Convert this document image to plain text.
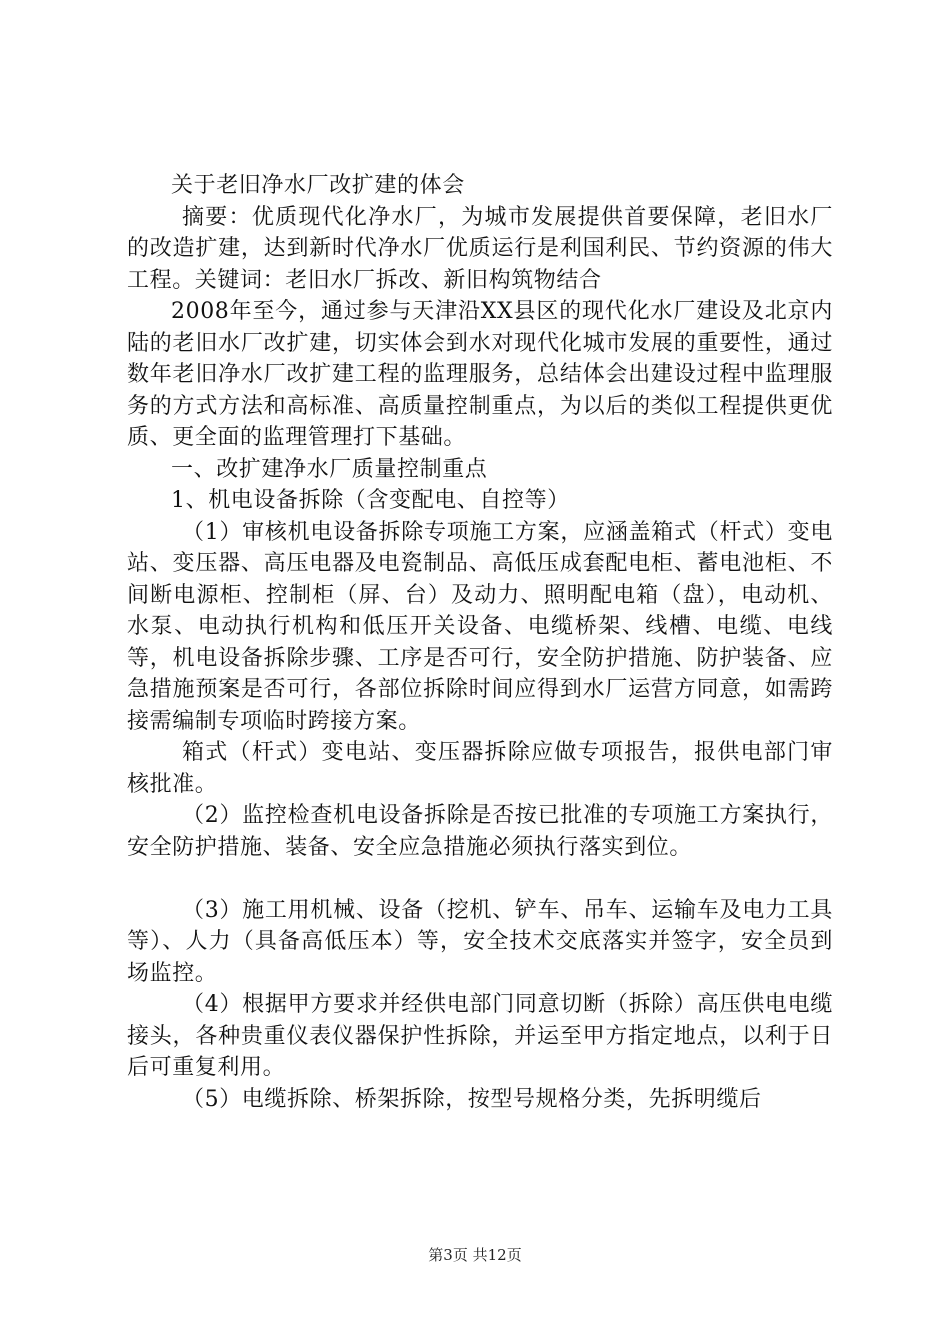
关于老旧净水厂改扩建的体会

摘要：优质现代化净水厂，为城市发展提供首要保障，老旧水厂的改造扩建，达到新时代净水厂优质运行是利国利民、节约资源的伟大工程。关键词：老旧水厂拆改、新旧构筑物结合

2008年至今，通过参与天津沿XX县区的现代化水厂建设及北京内陆的老旧水厂改扩建，切实体会到水对现代化城市发展的重要性，通过数年老旧净水厂改扩建工程的监理服务，总结体会出建设过程中监理服务的方式方法和高标准、高质量控制重点，为以后的类似工程提供更优质、更全面的监理管理打下基础。

一、改扩建净水厂质量控制重点

1、机电设备拆除（含变配电、自控等）

（1）审核机电设备拆除专项施工方案，应涵盖箱式（杆式）变电站、变压器、高压电器及电瓷制品、高低压成套配电柜、蓄电池柜、不间断电源柜、控制柜（屏、台）及动力、照明配电箱（盘），电动机、水泵、电动执行机构和低压开关设备、电缆桥架、线槽、电缆、电线等，机电设备拆除步骤、工序是否可行，安全防护措施、防护装备、应急措施预案是否可行，各部位拆除时间应得到水厂运营方同意，如需跨接需编制专项临时跨接方案。

箱式（杆式）变电站、变压器拆除应做专项报告，报供电部门审核批准。

（2）监控检查机电设备拆除是否按已批准的专项施工方案执行，安全防护措施、装备、安全应急措施必须执行落实到位。

（3）施工用机械、设备（挖机、铲车、吊车、运输车及电力工具等）、人力（具备高低压本）等，安全技术交底落实并签字，安全员到场监控。

（4）根据甲方要求并经供电部门同意切断（拆除）高压供电电缆接头，各种贵重仪表仪器保护性拆除，并运至甲方指定地点，以利于日后可重复利用。

（5）电缆拆除、桥架拆除，按型号规格分类，先拆明缆后

第3页 共12页
